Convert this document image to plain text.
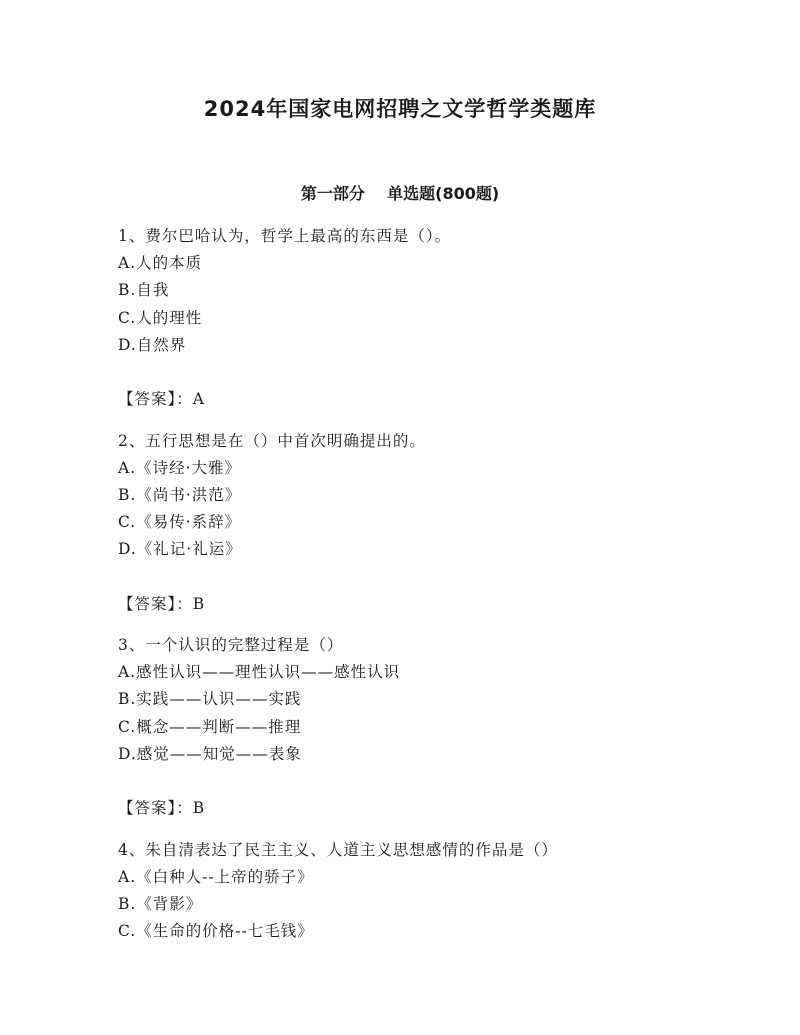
2024年国家电网招聘之文学哲学类题库
第一部分    单选题(800题)
1、费尔巴哈认为，哲学上最高的东西是（）。
A.人的本质
B.自我
C.人的理性
D.自然界
【答案】：A
2、五行思想是在（）中首次明确提出的。
A.《诗经·大雅》
B.《尚书·洪范》
C.《易传·系辞》
D.《礼记·礼运》
【答案】：B
3、一个认识的完整过程是（）
A.感性认识——理性认识——感性认识
B.实践——认识——实践
C.概念——判断——推理
D.感觉——知觉——表象
【答案】：B
4、朱自清表达了民主主义、人道主义思想感情的作品是（）
A.《白种人--上帝的骄子》
B.《背影》
C.《生命的价格--七毛钱》
